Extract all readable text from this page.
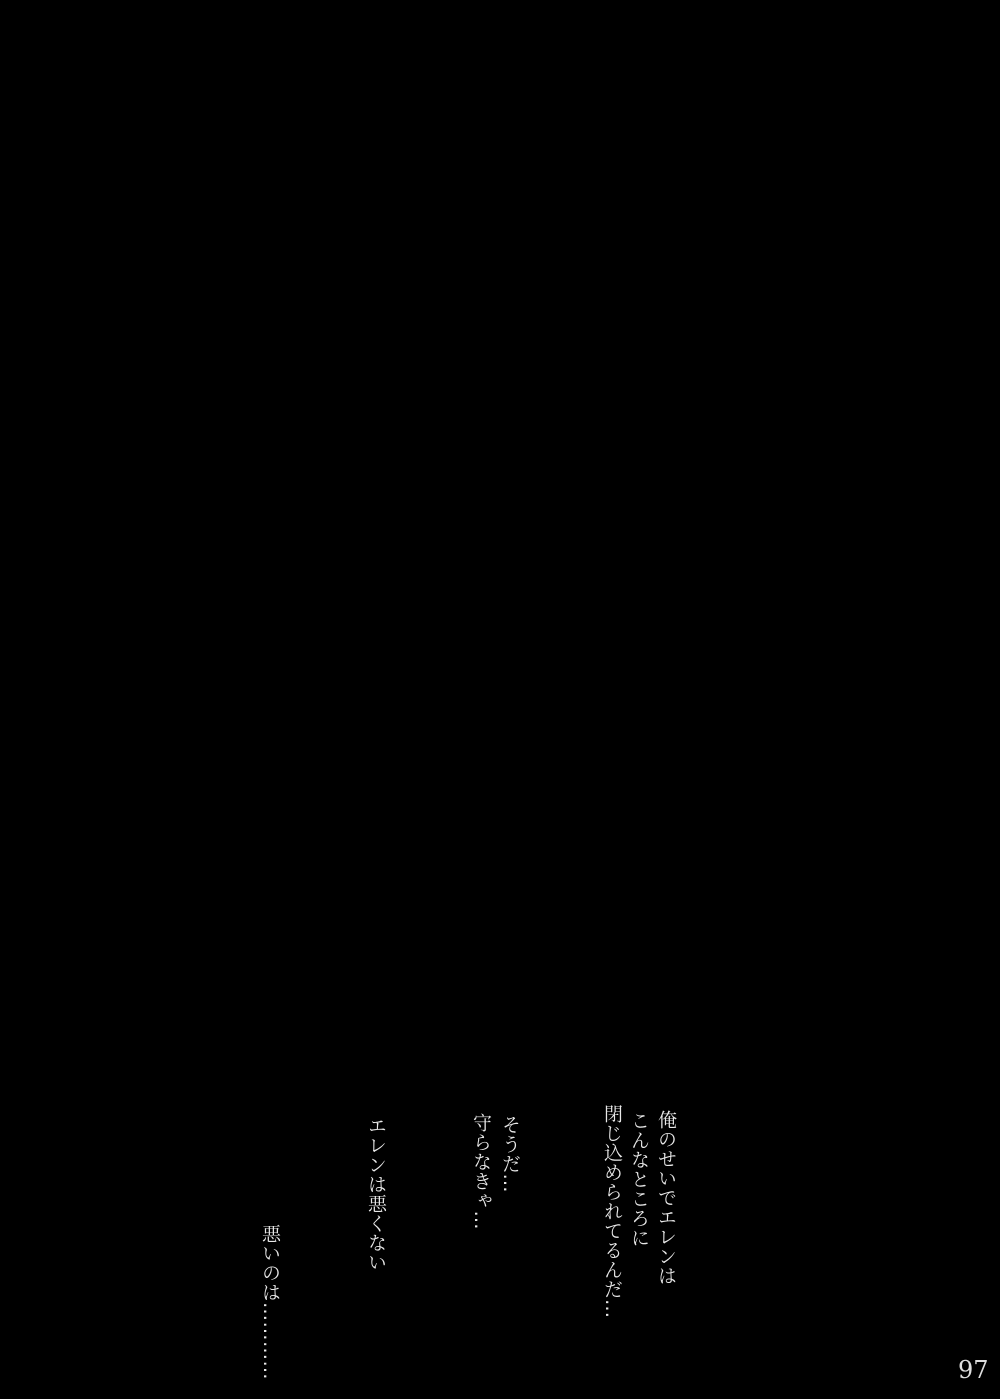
俺のせいでエレンは
こんなところに
閉じ込められてるんだ…
そうだ…
守らなきゃ…
エレンは悪くない
悪いのは…………	97
